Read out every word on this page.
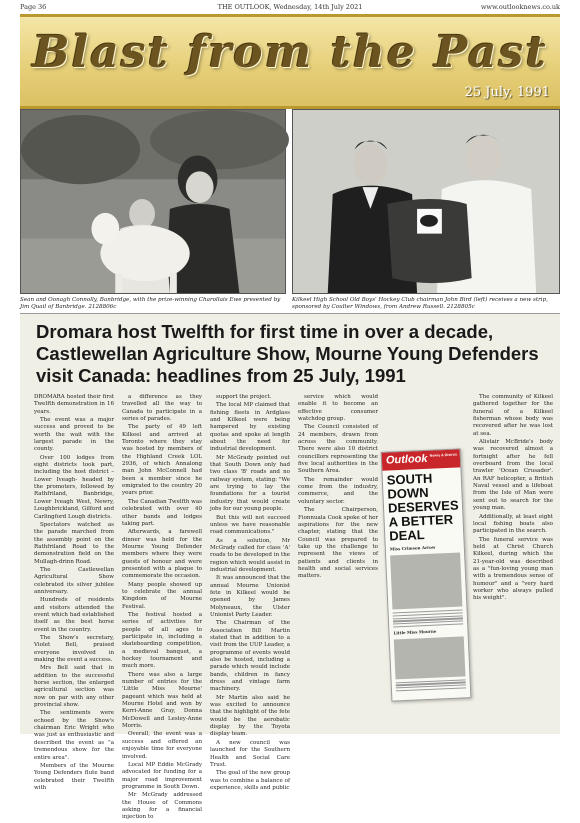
Page 36	THE OUTLOOK, Wednesday, 14th July 2021	www.outlooknews.co.uk
Blast from the Past
25 July, 1991
Sean and Oonagh Connolly, Banbridge, with the prize-winning Charollais Ewe presented by Jim Quail of Banbridge. 2128806c
Kilkeel High School Old Boys' Hockey Club chairman John Bird (left) receives a new strip, sponsored by Coulter Windows, from Andrew Russell. 2128805c
Dromara host Twelfth for first time in over a decade, Castlewellan Agriculture Show, Mourne Young Defenders visit Canada: headlines from 25 July, 1991

DROMARA hosted their first Twelfth demonstration in 16 years.

The event was a major success and proved to be worth the wait with the largest parade in the county.

Over 100 lodges from eight districts took part, including the host district – Lower Iveagh- headed by the promoters, followed by Rathfriland, Banbridge, Lower Iveagh West, Newry, Loughbrickland, Gilford and Carlingford Lough districts.

Spectators watched as the parade marched from the assembly point on the Rathfriland Road to the demonstration field on the Mullagh-drinn Road.

The Castlewellan Agricultural Show celebrated its silver jubilee anniversary.

Hundreds of residents and visitors attended the event which had established itself as the best horse event in the country.

The Show's secretary, Violet Bell, praised everyone involved in making the event a success.

Mrs Bell said that in addition to the successful horse section, the enlarged agricultural section was now on par with any other provincial show.

The sentiments were echoed by the Show's chairman Eric Wright who was just as enthusiastic and described the event as "a tremendous show for the entire area".

Members of the Mourne Young Defenders flute band celebrated their Twelfth with

a difference as they travelled all the way to Canada to participate in a series of parades.

The party of 49 left Kilkeel and arrived at Toronto where they stay was hosted by members of the Highland Creek LOL 2936, of which Annalong man John McConnell had been a member since he emigrated to the country 20 years prior.

The Canadian Twelfth was celebrated with over 40 other bands and lodges taking part.

Afterwards, a farewell dinner was held for the Mourne Young Defender members where they were guests of honour and were presented with a plaque to commemorate the occasion.

Many people showed up to celebrate the annual Kingdom of Mourne Festival.

The festival hosted a series of activities for people of all ages to participate in, including a skateboarding competition, a medieval banquet, a hockey tournament and much more.

There was also a large number of entries for the 'Little Miss Mourne' pageant which was held at Mourne Hotel and won by Kerri-Anne Gray, Donna McDowell and Lesley-Anne Morris.

Overall, the event was a success and offered an enjoyable time for everyone involved.

Local MP Eddie McGrady advocated for funding for a major road improvement programme in South Down.

Mr McGrady addressed the House of Commons asking for a financial injection to

support the project.

The local MP claimed that fishing fleets in Ardglass and Kilkeel were being hampered by existing quotas and spoke at length about the need for industrial development.

Mr McGrady pointed out that South Down only had two class 'B' roads and no railway system, stating: "We are trying to lay the foundations for a tourist industry that would create jobs for our young people.

But this will not succeed unless we have reasonable road communications."

As a solution, Mr McGrady called for class 'A' roads to be developed in the region which would assist in industrial development.

It was announced that the annual Mourne Unionist fete in Kilkeel would be opened by James Molyneaux, the Ulster Unionist Party Leader.

The Chairman of the Association Bill Martin stated that in addition to a visit from the UUP Leader, a programme of events would also be hosted, including a parade which would include bands, children in fancy dress and vintage farm machinery.

Mr Martin also said he was excited to announce that the highlight of the fete would be the aerobatic display by the Toyota display team.

A new council was launched for the Southern Health and Social Care Trust.

The goal of the new group was to combine a balance of experience, skills and public

service which would enable it to become an effective consumer watchdog group.

The Council consisted of 24 members, drawn from across the community. There were also 10 district councillors representing the five local authorities in the Southern Area.

The remainder would come from the industry, commerce, and the voluntary sector.

The Chairperson, Fionnuala Cook spoke of her aspirations for the new chapter, stating that the Council was prepared to take up the challenge to represent the views of patients and clients in health and social services matters.

The community of Kilkeel gathered together for the funeral of a Kilkeel fisherman whose body was recovered after he was lost at sea.

Alistair McBride's body was recovered almost a fortnight after he fell overboard from the local trawler 'Ocean Crusader'. An RAF helicopter, a British Naval vessel and a lifeboat from the Isle of Man were sent out to search for the young man.

Additionally, at least eight local fishing boats also participated in the search.

The funeral service was held at Christ Church Kilkeel, during which the 21-year-old was described as a "fun-loving young man with a tremendous sense of humour" and a "very hard worker who always pulled his weight".

Outlook Newry & District
SOUTH DOWN DESERVES A BETTER DEAL
Miss Crimson Arrow
Little Miss Mourne
